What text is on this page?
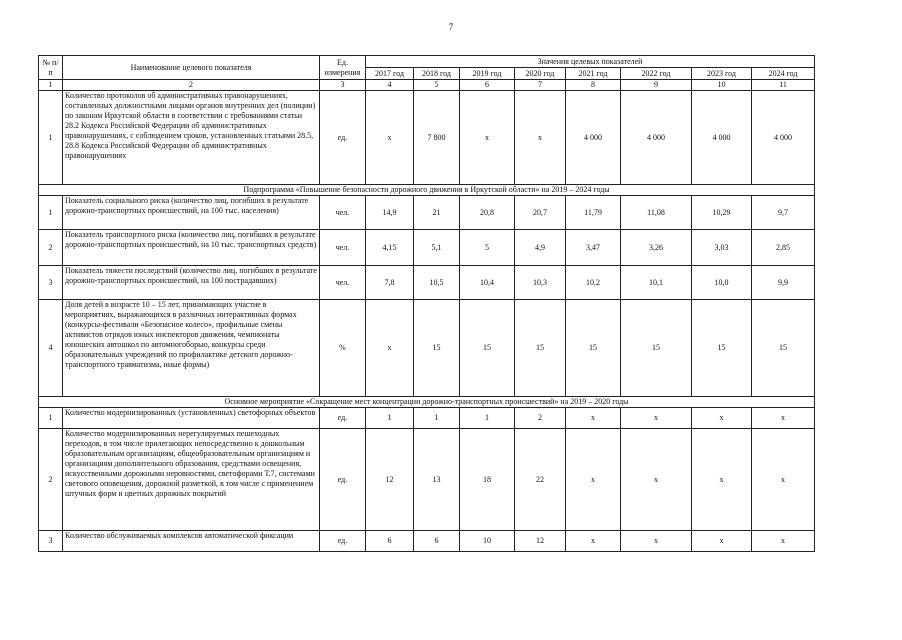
7
№ п/п	Наименование целевого показателя	Ед. измерения	Значения целевых показателей							
			2017 год	2018 год	2019 год	2020 год	2021 год	2022 год	2023 год	2024 год
1	2	3	4	5	6	7	8	9	10	11
1	Количество протоколов об административных правонарушениях, составленных должностными лицами органов внутренних дел (полиции) по законам Иркутской области в соответствии с требованиями статьи 28.2 Кодекса Российской Федерации об административных правонарушениях, с соблюдением сроков, установленных статьями 28.5, 28.8 Кодекса Российской Федерации об административных правонарушениях	ед.	x	7 800	x	x	4 000	4 000	4 000	4 000
Подпрограмма «Повышение безопасности дорожного движения в Иркутской области» на 2019 – 2024 годы										
1	Показатель социального риска (количество лиц, погибших в результате дорожно-транспортных происшествий, на 100 тыс. населения)	чел.	14,9	21	20,8	20,7	11,79	11,08	10,29	9,7
2	Показатель транспортного риска (количество лиц, погибших в результате дорожно-транспортных происшествий, на 10 тыс. транспортных средств)	чел.	4,15	5,1	5	4,9	3,47	3,26	3,03	2,85
3	Показатель тяжести последствий (количество лиц, погибших в результате дорожно-транспортных происшествий, на 100 пострадавших)	чел.	7,8	10,5	10,4	10,3	10,2	10,1	10,0	9,9
4	Доля детей в возрасте 10 – 15 лет, принимающих участие в мероприятиях, выражающихся в различных интерактивных формах (конкурсы-фестивали «Безопасное колесо», профильные смены активистов отрядов юных инспекторов движения, чемпионаты юношеских автошкол по автомногоборью, конкурсы среди образовательных учреждений по профилактике детского дорожно-транспортного травматизма, иные формы)	%	x	15	15	15	15	15	15	15
Основное мероприятие «Сокращение мест концентрации дорожно-транспортных происшествий» на 2019 – 2020 годы										
1	Количество модернизированных (установленных) светофорных объектов	ед.	1	1	1	2	x	x	x	x
2	Количество модернизированных нерегулируемых пешеходных переходов, в том числе прилегающих непосредственно к дошкольным образовательным организациям, общеобразовательным организациям и организациям дополнительного образования, средствами освещения, искусственными дорожными неровностями, светофорами Т.7, системами светового оповещения, дорожной разметкой, в том числе с применением штучных форм и цветных дорожных покрытий	ед.	12	13	18	22	x	x	x	x
3	Количество обслуживаемых комплексов автоматической фиксации	ед.	6	6	10	12	x	x	x	x
